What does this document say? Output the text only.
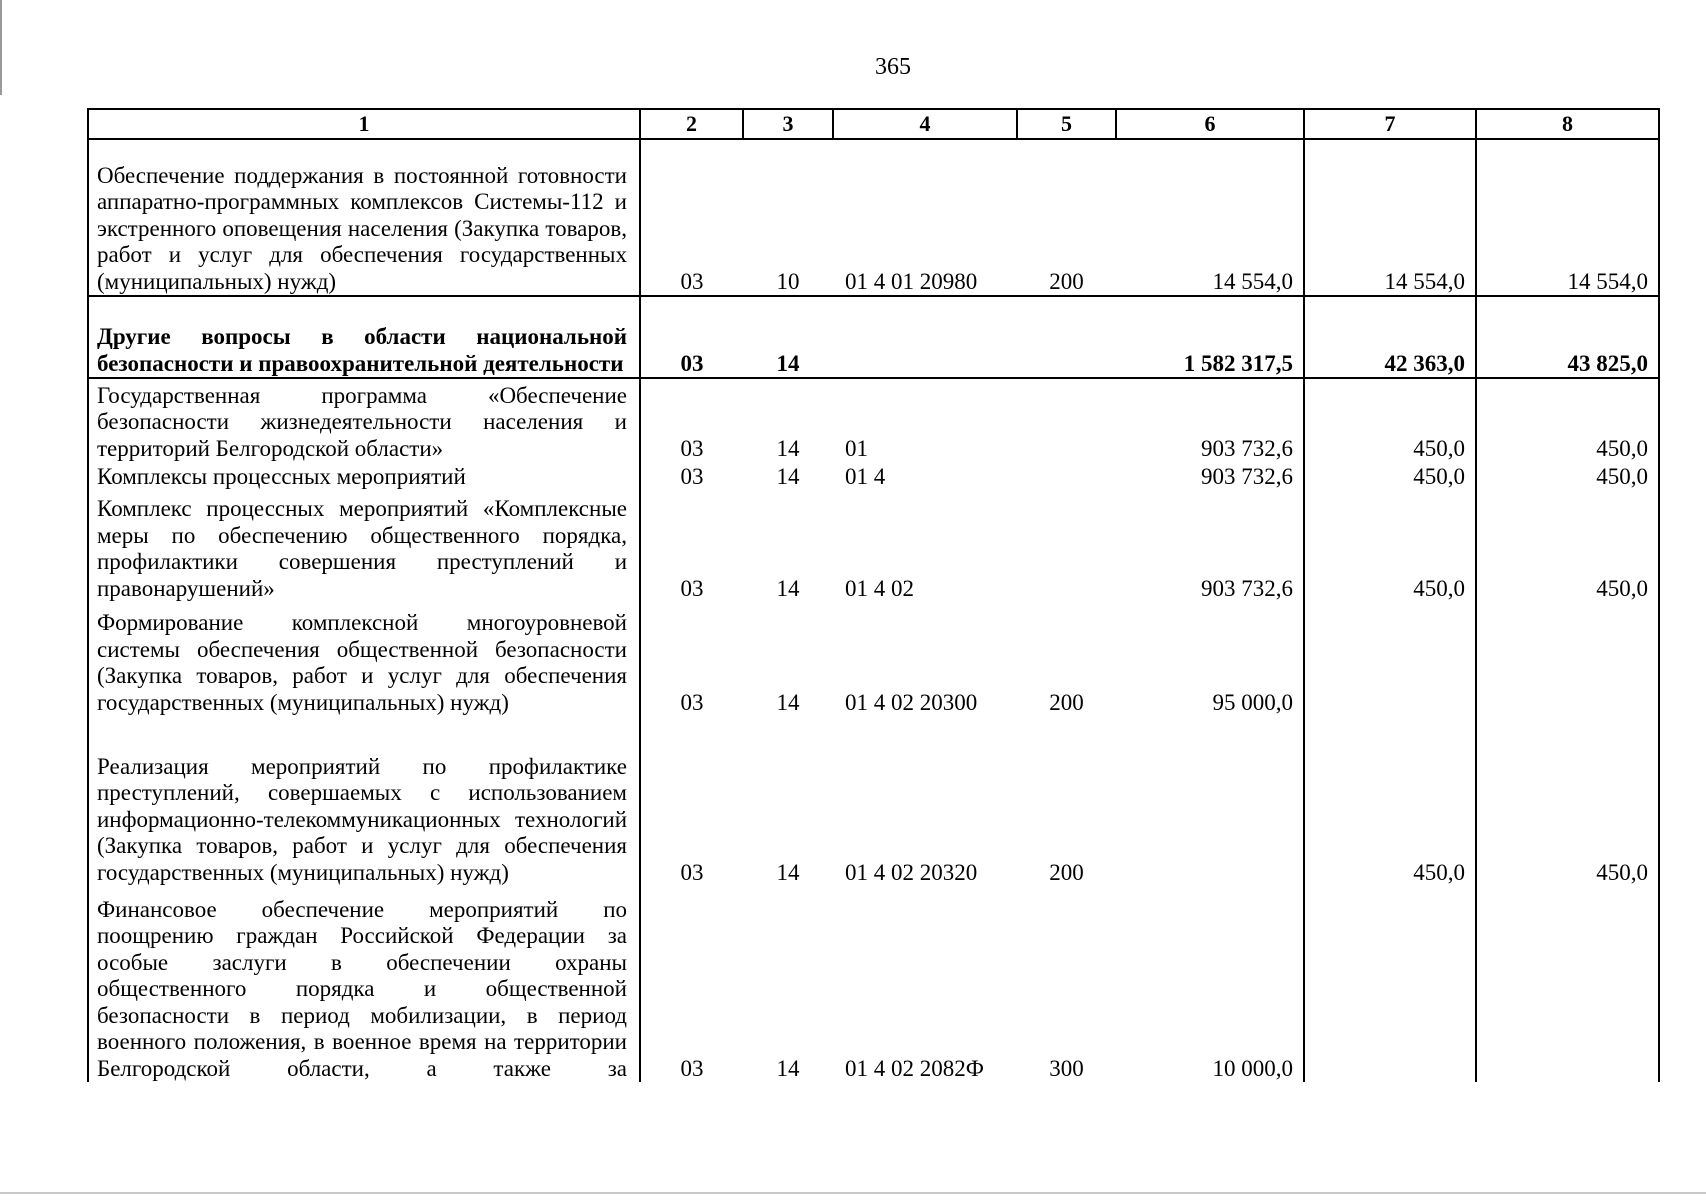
365
1	2	3	4	5	6	7	8
Обеспечение поддержания в постоянной готовности аппаратно-программных комплексов Системы-112 и экстренного оповещения населения (Закупка товаров, работ и услуг для обеспечения государственных (муниципальных) нужд)	03	10	01 4 01 20980	200	14 554,0	14 554,0	14 554,0
Другие вопросы в области национальной безопасности и правоохранительной деятельности	03	14			1 582 317,5	42 363,0	43 825,0
Государственная программа «Обеспечение безопасности жизнедеятельности населения и территорий Белгородской области»	03	14	01		903 732,6	450,0	450,0
Комплексы процессных мероприятий	03	14	01 4		903 732,6	450,0	450,0
Комплекс процессных мероприятий «Комплексные меры по обеспечению общественного порядка, профилактики совершения преступлений и правонарушений»	03	14	01 4 02		903 732,6	450,0	450,0
Формирование комплексной многоуровневой системы обеспечения общественной безопасности (Закупка товаров, работ и услуг для обеспечения государственных (муниципальных) нужд)	03	14	01 4 02 20300	200	95 000,0		
Реализация мероприятий по профилактике преступлений, совершаемых с использованием информационно-телекоммуникационных технологий (Закупка товаров, работ и услуг для обеспечения государственных (муниципальных) нужд)	03	14	01 4 02 20320	200		450,0	450,0
Финансовое обеспечение мероприятий по поощрению граждан Российской Федерации за особые заслуги в обеспечении охраны общественного порядка и общественной безопасности в период мобилизации, в период военного положения, в военное время на территории Белгородской области, а также за	03	14	01 4 02 2082Ф	300	10 000,0		
